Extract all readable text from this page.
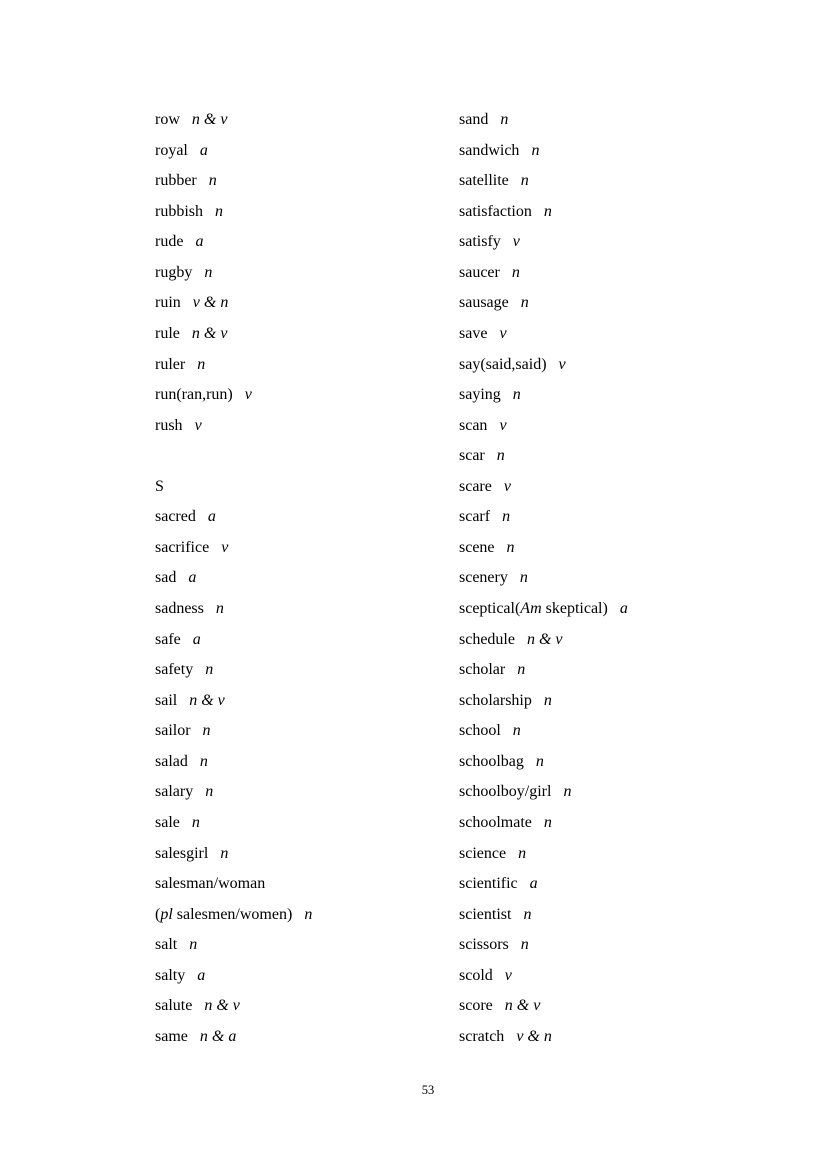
row n & v
royal a
rubber n
rubbish n
rude a
rugby n
ruin v & n
rule n & v
ruler n
run(ran,run) v
rush v
S
sacred a
sacrifice v
sad a
sadness n
safe a
safety n
sail n & v
sailor n
salad n
salary n
sale n
salesgirl n
salesman/woman
(pl salesmen/women) n
salt n
salty a
salute n & v
same n & a
sand n
sandwich n
satellite n
satisfaction n
satisfy v
saucer n
sausage n
save v
say(said,said) v
saying n
scan v
scar n
scare v
scarf n
scene n
scenery n
sceptical(Am skeptical) a
schedule n & v
scholar n
scholarship n
school n
schoolbag n
schoolboy/girl n
schoolmate n
science n
scientific a
scientist n
scissors n
scold v
score n & v
scratch v & n
53
